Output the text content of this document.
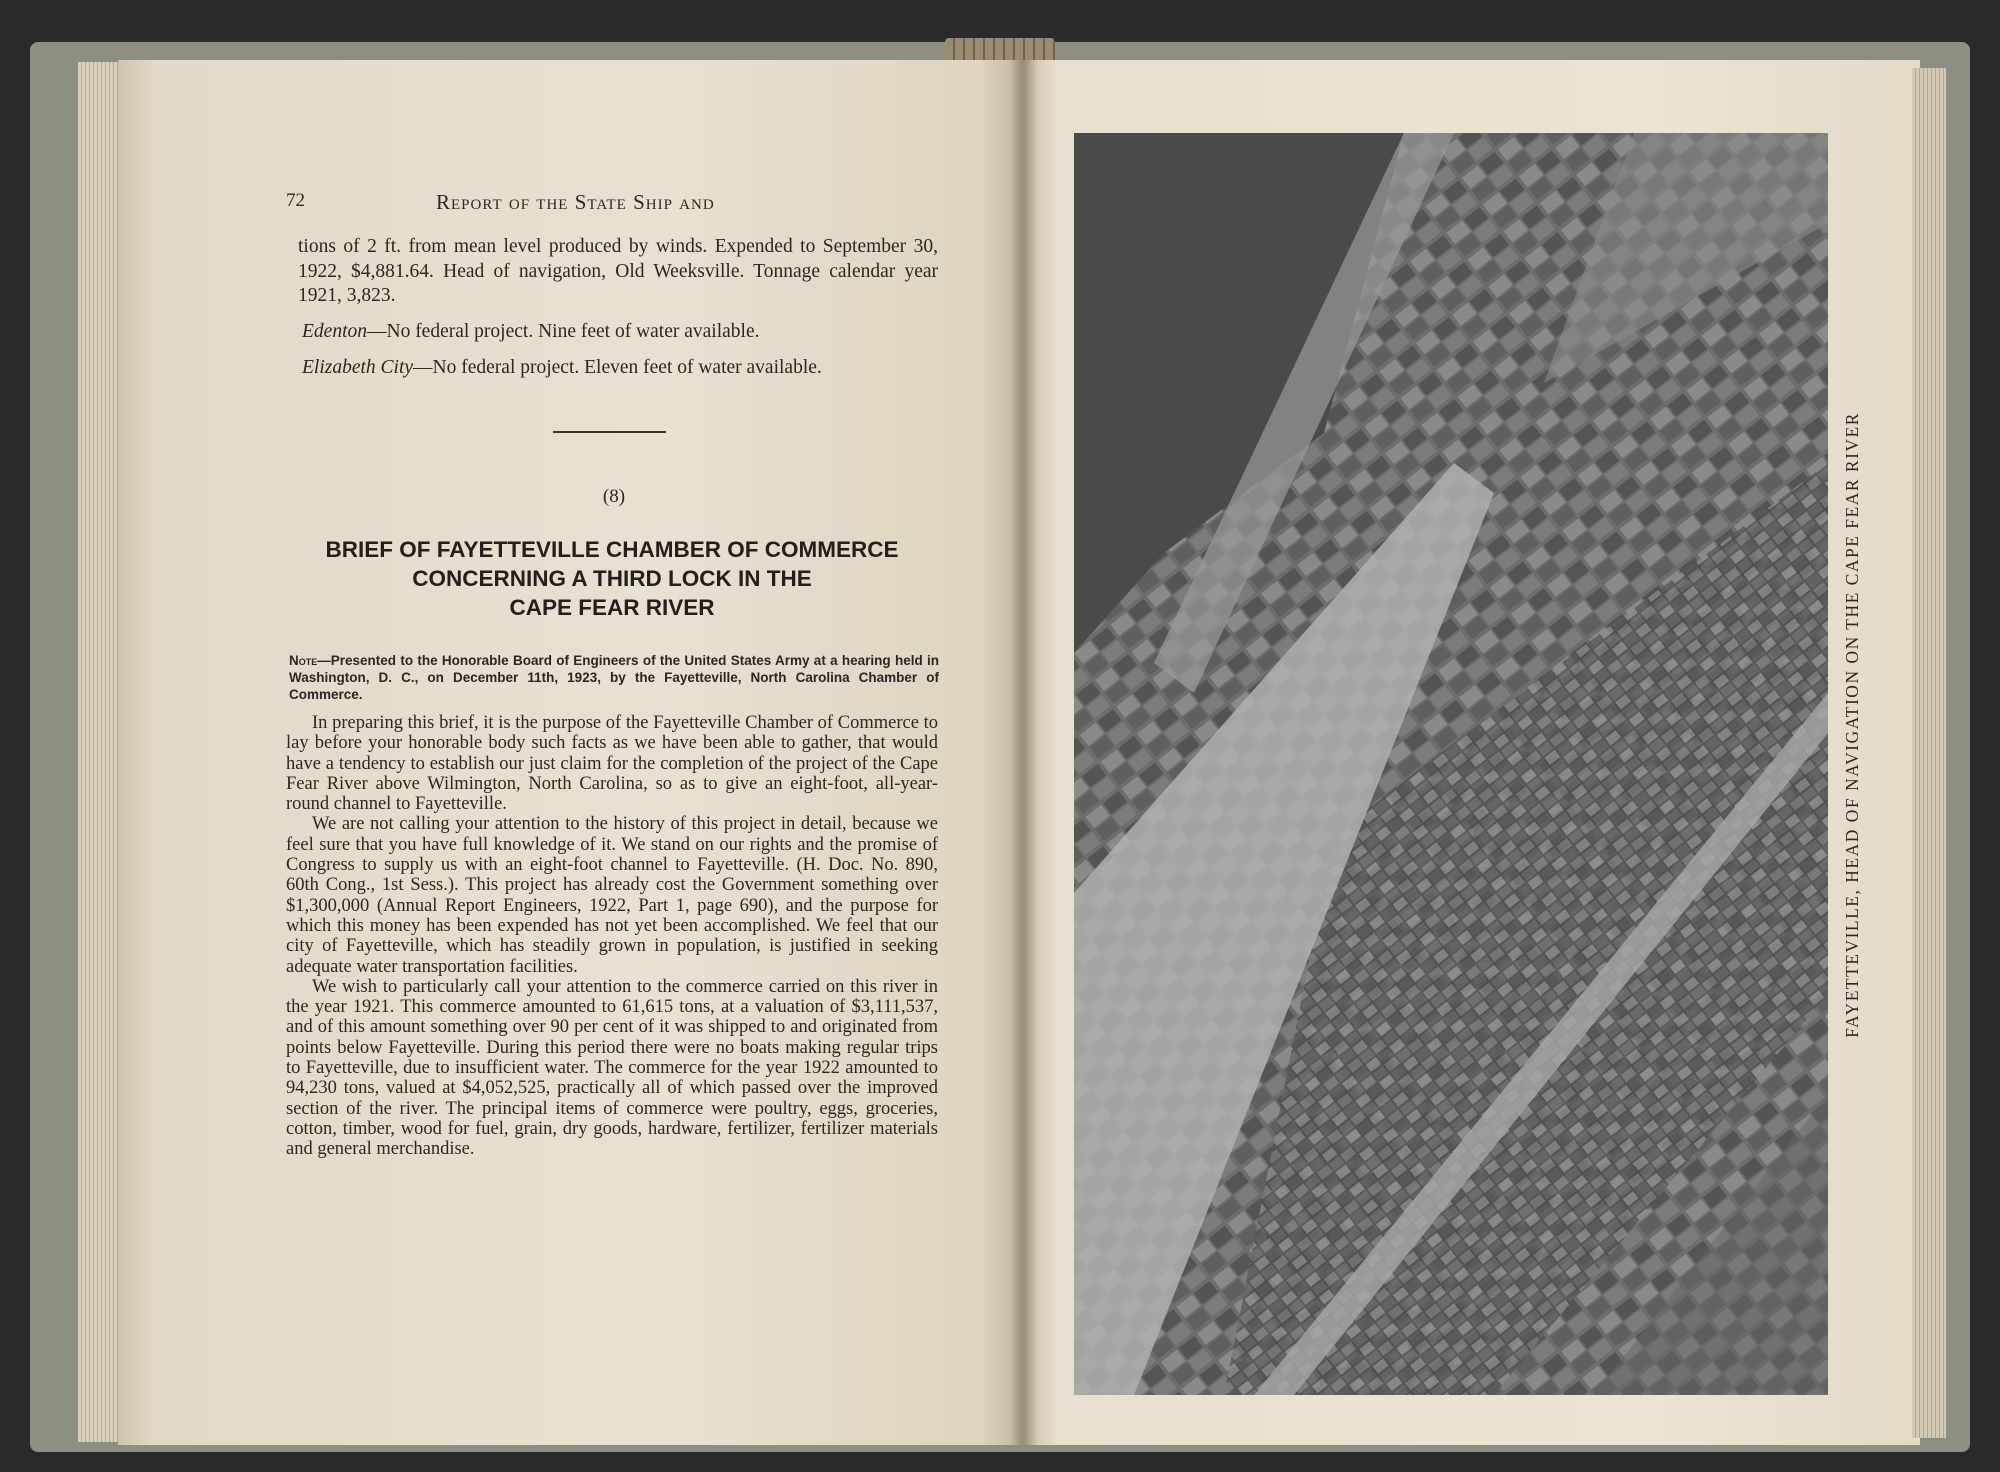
72	Report of the State Ship and
tions of 2 ft. from mean level produced by winds. Expended to September 30, 1922, $4,881.64. Head of navigation, Old Weeksville. Tonnage calendar year 1921, 3,823.
Edenton—No federal project. Nine feet of water available.
Elizabeth City—No federal project. Eleven feet of water available.
(8)
BRIEF OF FAYETTEVILLE CHAMBER OF COMMERCE
CONCERNING A THIRD LOCK IN THE
CAPE FEAR RIVER
Note—Presented to the Honorable Board of Engineers of the United States Army at a hearing held in Washington, D. C., on December 11th, 1923, by the Fayetteville, North Carolina Chamber of Commerce.

In preparing this brief, it is the purpose of the Fayetteville Chamber of Commerce to lay before your honorable body such facts as we have been able to gather, that would have a tendency to establish our just claim for the completion of the project of the Cape Fear River above Wilmington, North Carolina, so as to give an eight-foot, all-year-round channel to Fayetteville.

We are not calling your attention to the history of this project in detail, because we feel sure that you have full knowledge of it. We stand on our rights and the promise of Congress to supply us with an eight-foot channel to Fayetteville. (H. Doc. No. 890, 60th Cong., 1st Sess.). This project has already cost the Government something over $1,300,000 (Annual Report Engineers, 1922, Part 1, page 690), and the purpose for which this money has been expended has not yet been accomplished. We feel that our city of Fayetteville, which has steadily grown in population, is justified in seeking adequate water transportation facilities.

We wish to particularly call your attention to the commerce carried on this river in the year 1921. This commerce amounted to 61,615 tons, at a valuation of $3,111,537, and of this amount something over 90 per cent of it was shipped to and originated from points below Fayetteville. During this period there were no boats making regular trips to Fayetteville, due to insufficient water. The commerce for the year 1922 amounted to 94,230 tons, valued at $4,052,525, practically all of which passed over the improved section of the river. The principal items of commerce were poultry, eggs, groceries, cotton, timber, wood for fuel, grain, dry goods, hardware, fertilizer, fertilizer materials and general merchandise.

FAYETTEVILLE, HEAD OF NAVIGATION ON THE CAPE FEAR RIVER
